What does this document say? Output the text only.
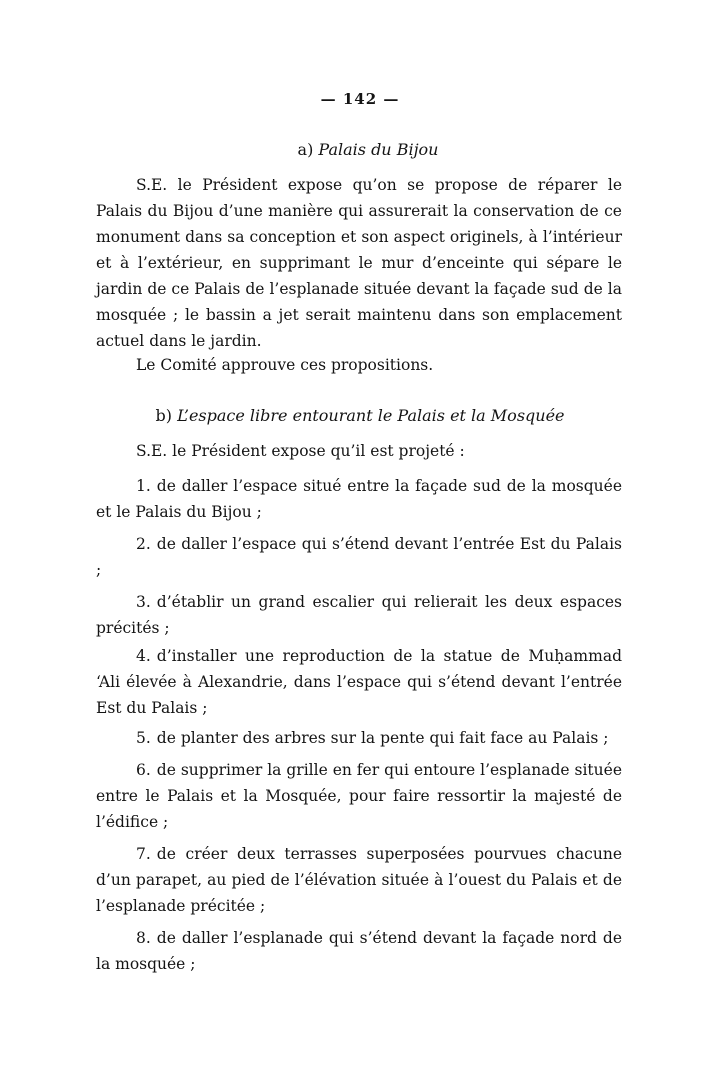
— 142 —
a) Palais du Bijou

S.E. le Président expose qu’on se propose de réparer le Palais du Bijou d’une manière qui assurerait la conservation de ce monument dans sa conception et son aspect originels, à l’intérieur et à l’extérieur, en supprimant le mur d’enceinte qui sépare le jardin de ce Palais de l’esplanade située devant la façade sud de la mosquée ; le bassin a jet serait maintenu dans son emplacement actuel dans le jardin.

Le Comité approuve ces propositions.

b) L’espace libre entourant le Palais et la Mosquée

S.E. le Président expose qu’il est projeté :

1. de daller l’espace situé entre la façade sud de la mosquée et le Palais du Bijou ;

2. de daller l’espace qui s’étend devant l’entrée Est du Palais ;

3. d’établir un grand escalier qui relierait les deux espaces précités ;

4. d’installer une reproduction de la statue de Muḥammad ‘Ali élevée à Alexandrie, dans l’espace qui s’étend devant l’entrée Est du Palais ;

5. de planter des arbres sur la pente qui fait face au Palais ;

6. de supprimer la grille en fer qui entoure l’esplanade située entre le Palais et la Mosquée, pour faire ressortir la majesté de l’édifice ;

7. de créer deux terrasses superposées pourvues chacune d’un parapet, au pied de l’élévation située à l’ouest du Palais et de l’esplanade précitée ;

8. de daller l’esplanade qui s’étend devant la façade nord de la mosquée ;
